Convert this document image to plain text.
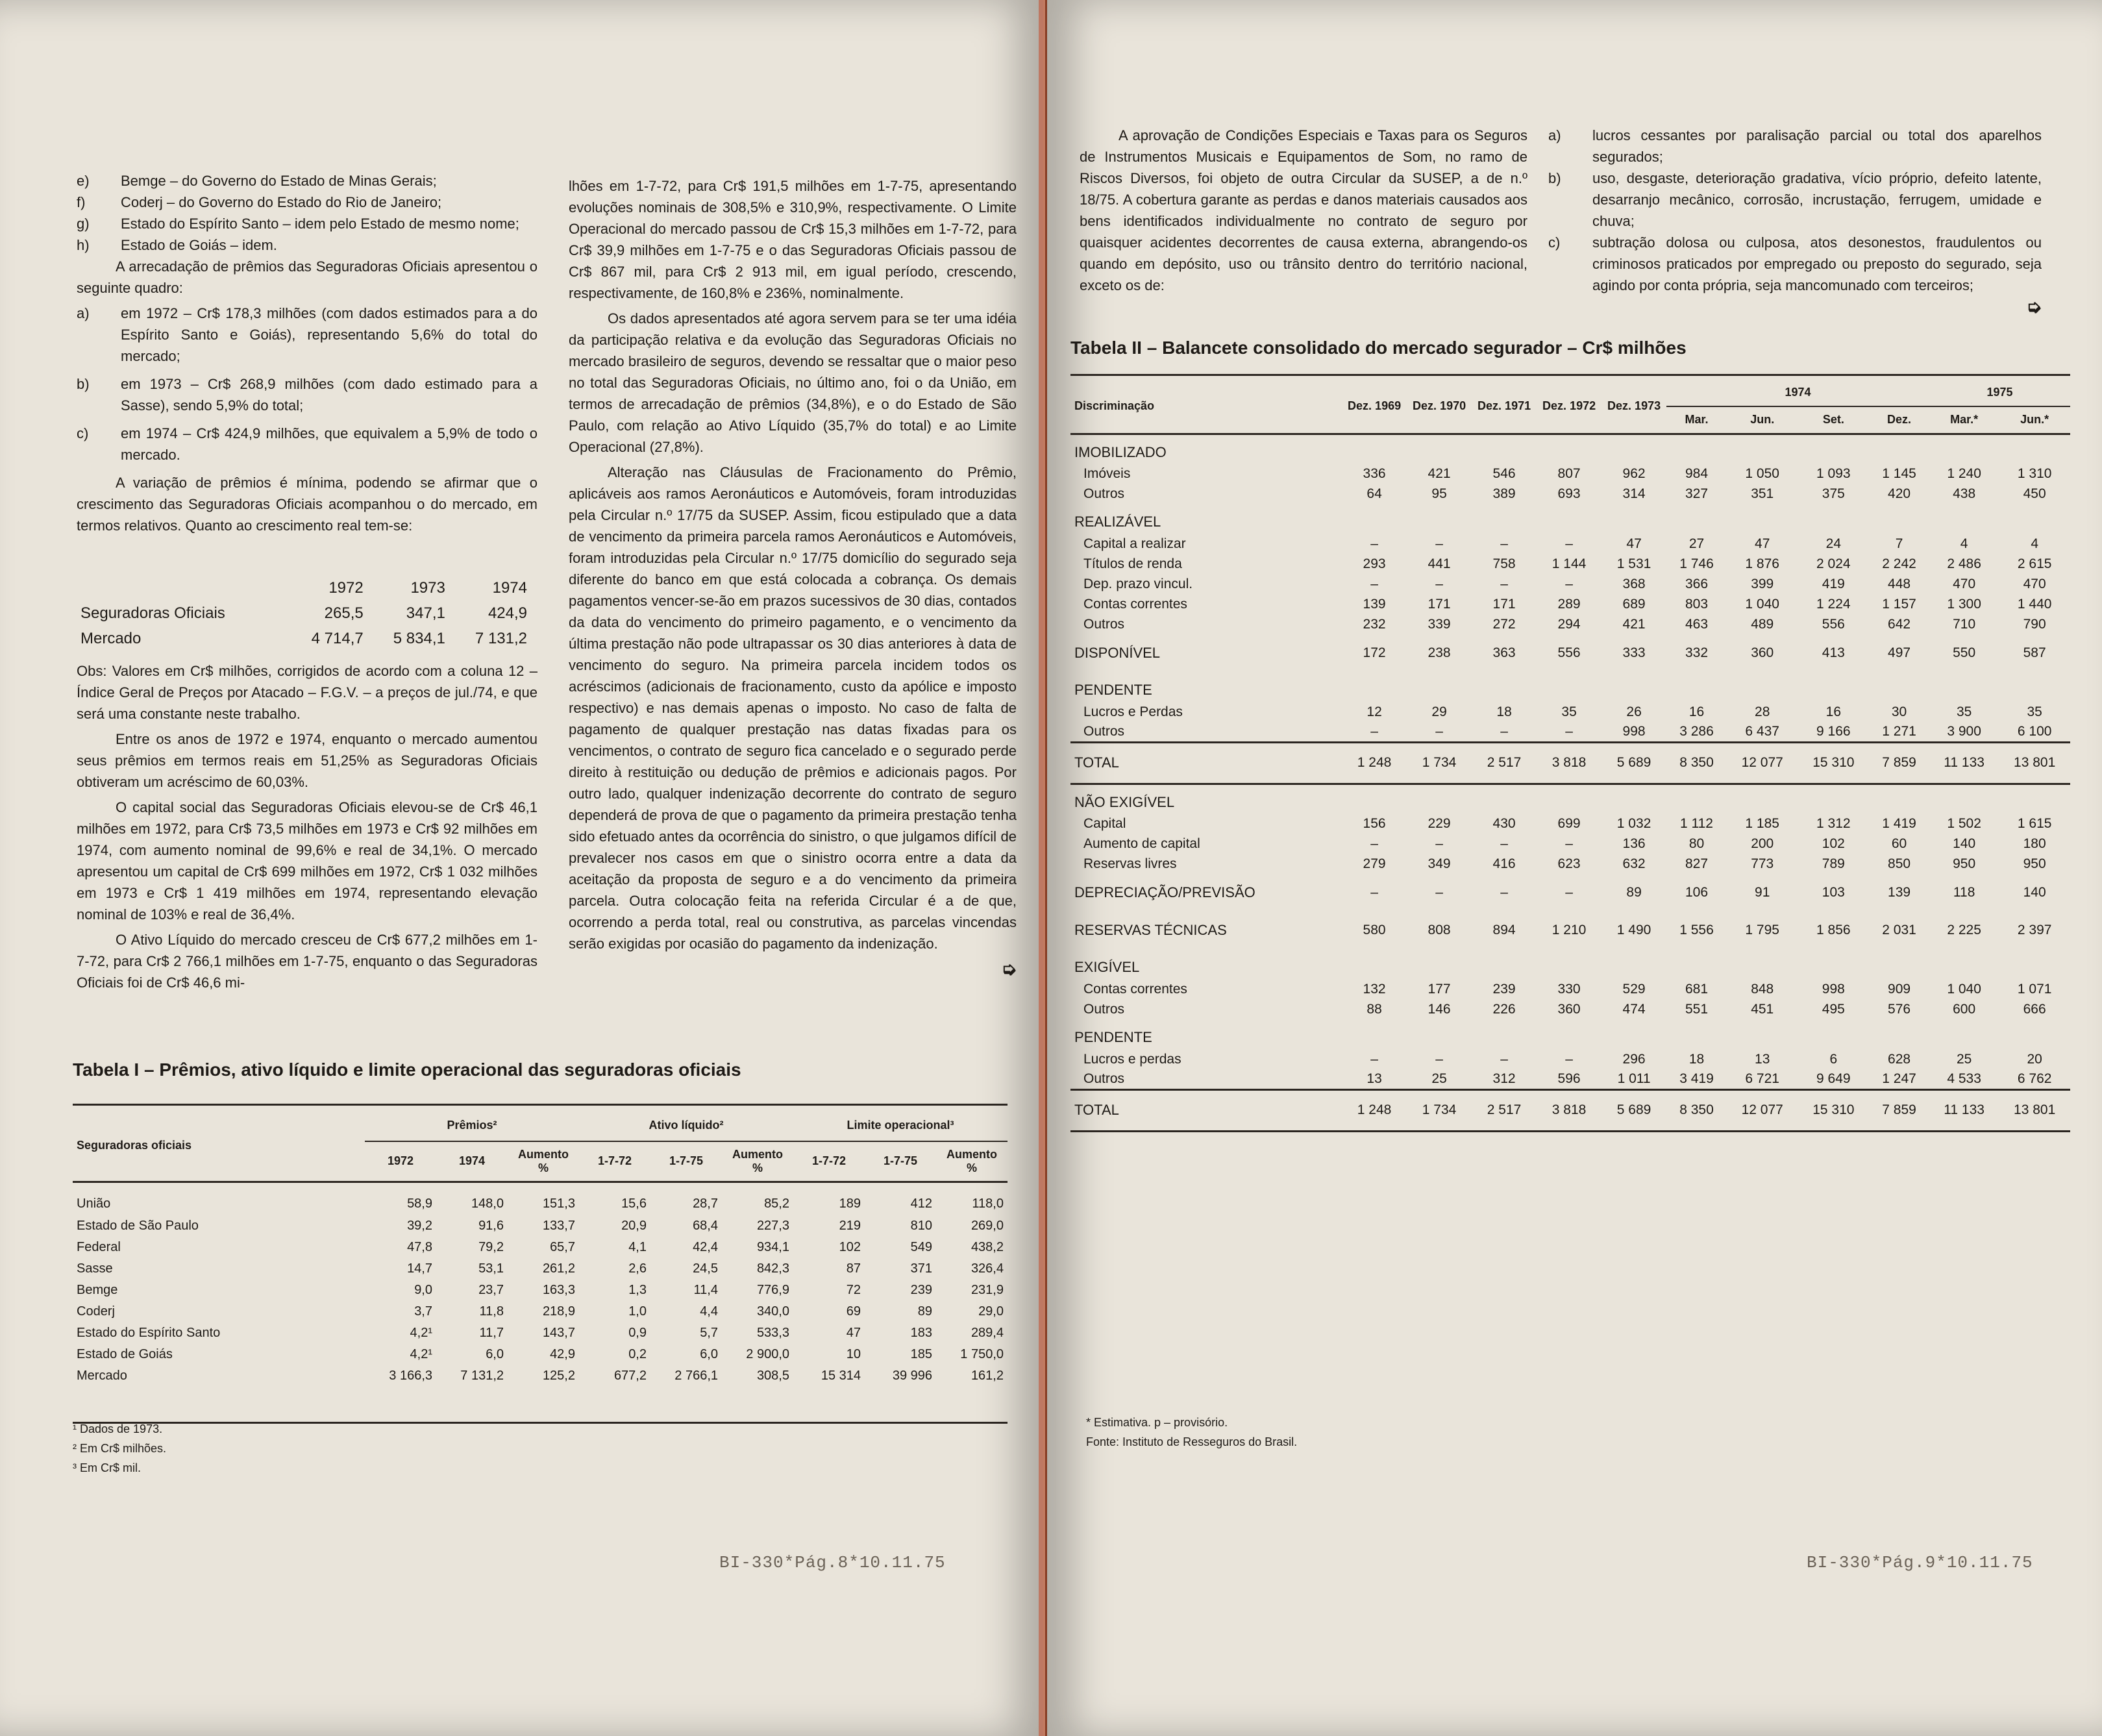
e)	Bemge – do Governo do Estado de Minas Gerais;
f)	Coderj – do Governo do Estado do Rio de Janeiro;
g)	Estado do Espírito Santo – idem pelo Estado de mesmo nome;
h)	Estado de Goiás – idem.

A arrecadação de prêmios das Seguradoras Oficiais apresentou o seguinte quadro:

a)	em 1972 – Cr$ 178,3 milhões (com dados estimados para a do Espírito Santo e Goiás), representando 5,6% do total do mercado;
b)	em 1973 – Cr$ 268,9 milhões (com dado estimado para a Sasse), sendo 5,9% do total;
c)	em 1974 – Cr$ 424,9 milhões, que equivalem a 5,9% de todo o mercado.

A variação de prêmios é mínima, podendo se afirmar que o crescimento das Seguradoras Oficiais acompanhou o do mercado, em termos relativos. Quanto ao crescimento real tem-se:

	1972	1973	1974
Seguradoras Oficiais	265,5	347,1	424,9
Mercado	4 714,7	5 834,1	7 131,2

Obs: Valores em Cr$ milhões, corrigidos de acordo com a coluna 12 – Índice Geral de Preços por Atacado – F.G.V. – a preços de jul./74, e que será uma constante neste trabalho.

Entre os anos de 1972 e 1974, enquanto o mercado aumentou seus prêmios em termos reais em 51,25% as Seguradoras Oficiais obtiveram um acréscimo de 60,03%.

O capital social das Seguradoras Oficiais elevou-se de Cr$ 46,1 milhões em 1972, para Cr$ 73,5 milhões em 1973 e Cr$ 92 milhões em 1974, com aumento nominal de 99,6% e real de 34,1%. O mercado apresentou um capital de Cr$ 699 milhões em 1972, Cr$ 1 032 milhões em 1973 e Cr$ 1 419 milhões em 1974, representando elevação nominal de 103% e real de 36,4%.

O Ativo Líquido do mercado cresceu de Cr$ 677,2 milhões em 1-7-72, para Cr$ 2 766,1 milhões em 1-7-75, enquanto o das Seguradoras Oficiais foi de Cr$ 46,6 mi-

lhões em 1-7-72, para Cr$ 191,5 milhões em 1-7-75, apresentando evoluções nominais de 308,5% e 310,9%, respectivamente. O Limite Operacional do mercado passou de Cr$ 15,3 milhões em 1-7-72, para Cr$ 39,9 milhões em 1-7-75 e o das Seguradoras Oficiais passou de Cr$ 867 mil, para Cr$ 2 913 mil, em igual período, crescendo, respectivamente, de 160,8% e 236%, nominalmente.

Os dados apresentados até agora servem para se ter uma idéia da participação relativa e da evolução das Seguradoras Oficiais no mercado brasileiro de seguros, devendo se ressaltar que o maior peso no total das Seguradoras Oficiais, no último ano, foi o da União, em termos de arrecadação de prêmios (34,8%), e o do Estado de São Paulo, com relação ao Ativo Líquido (35,7% do total) e ao Limite Operacional (27,8%).

Alteração nas Cláusulas de Fracionamento do Prêmio, aplicáveis aos ramos Aeronáuticos e Automóveis, foram introduzidas pela Circular n.º 17/75 da SUSEP. Assim, ficou estipulado que a data de vencimento da primeira parcela ramos Aeronáuticos e Automóveis, foram introduzidas pela Circular n.º 17/75 domicílio do segurado seja diferente do banco em que está colocada a cobrança. Os demais pagamentos vencer-se-ão em prazos sucessivos de 30 dias, contados da data do vencimento do primeiro pagamento, e o vencimento da última prestação não pode ultrapassar os 30 dias anteriores à data de vencimento do seguro. Na primeira parcela incidem todos os acréscimos (adicionais de fracionamento, custo da apólice e imposto respectivo) e nas demais apenas o imposto. No caso de falta de pagamento de qualquer prestação nas datas fixadas para os vencimentos, o contrato de seguro fica cancelado e o segurado perde direito à restituição ou dedução de prêmios e adicionais pagos. Por outro lado, qualquer indenização decorrente do contrato de seguro dependerá de prova de que o pagamento da primeira prestação tenha sido efetuado antes da ocorrência do sinistro, o que julgamos difícil de prevalecer nos casos em que o sinistro ocorra entre a data da aceitação da proposta de seguro e a do vencimento da primeira parcela. Outra colocação feita na referida Circular é a de que, ocorrendo a perda total, real ou construtiva, as parcelas vincendas serão exigidas por ocasião do pagamento da indenização.

➭
Tabela I – Prêmios, ativo líquido e limite operacional das seguradoras oficiais
Seguradoras oficiais	Prêmios²			Ativo líquido²			Limite operacional³		
	1972	1974	Aumento %	1-7-72	1-7-75	Aumento %	1-7-72	1-7-75	Aumento %
União	58,9	148,0	151,3	15,6	28,7	85,2	189	412	118,0
Estado de São Paulo	39,2	91,6	133,7	20,9	68,4	227,3	219	810	269,0
Federal	47,8	79,2	65,7	4,1	42,4	934,1	102	549	438,2
Sasse	14,7	53,1	261,2	2,6	24,5	842,3	87	371	326,4
Bemge	9,0	23,7	163,3	1,3	11,4	776,9	72	239	231,9
Coderj	3,7	11,8	218,9	1,0	4,4	340,0	69	89	29,0
Estado do Espírito Santo	4,2¹	11,7	143,7	0,9	5,7	533,3	47	183	289,4
Estado de Goiás	4,2¹	6,0	42,9	0,2	6,0	2 900,0	10	185	1 750,0
Mercado	3 166,3	7 131,2	125,2	677,2	2 766,1	308,5	15 314	39 996	161,2
¹ Dados de 1973.
² Em Cr$ milhões.
³ Em Cr$ mil.
BI-330*Pág.8*10.11.75

A aprovação de Condições Especiais e Taxas para os Seguros de Instrumentos Musicais e Equipamentos de Som, no ramo de Riscos Diversos, foi objeto de outra Circular da SUSEP, a de n.º 18/75. A cobertura garante as perdas e danos materiais causados aos bens identificados individualmente no contrato de seguro por quaisquer acidentes decorrentes de causa externa, abrangendo-os quando em depósito, uso ou trânsito dentro do território nacional, exceto os de:

a)	lucros cessantes por paralisação parcial ou total dos aparelhos segurados;
b)	uso, desgaste, deterioração gradativa, vício próprio, defeito latente, desarranjo mecânico, corrosão, incrustação, ferrugem, umidade e chuva;
c)	subtração dolosa ou culposa, atos desonestos, fraudulentos ou criminosos praticados por empregado ou preposto do segurado, seja agindo por conta própria, seja mancomunado com terceiros;
➭
Tabela II – Balancete consolidado do mercado segurador – Cr$ milhões
Discriminação	Dez. 1969	Dez. 1970	Dez. 1971	Dez. 1972	Dez. 1973	1974				1975	
						Mar.	Jun.	Set.	Dez.	Mar.*	Jun.*
IMOBILIZADO											
Imóveis	336	421	546	807	962	984	1 050	1 093	1 145	1 240	1 310
Outros	64	95	389	693	314	327	351	375	420	438	450
REALIZÁVEL											
Capital a realizar	–	–	–	–	47	27	47	24	7	4	4
Títulos de renda	293	441	758	1 144	1 531	1 746	1 876	2 024	2 242	2 486	2 615
Dep. prazo vincul.	–	–	–	–	368	366	399	419	448	470	470
Contas correntes	139	171	171	289	689	803	1 040	1 224	1 157	1 300	1 440
Outros	232	339	272	294	421	463	489	556	642	710	790
DISPONÍVEL	172	238	363	556	333	332	360	413	497	550	587
PENDENTE											
Lucros e Perdas	12	29	18	35	26	16	28	16	30	35	35
Outros	–	–	–	–	998	3 286	6 437	9 166	1 271	3 900	6 100
TOTAL	1 248	1 734	2 517	3 818	5 689	8 350	12 077	15 310	7 859	11 133	13 801
NÃO EXIGÍVEL											
Capital	156	229	430	699	1 032	1 112	1 185	1 312	1 419	1 502	1 615
Aumento de capital	–	–	–	–	136	80	200	102	60	140	180
Reservas livres	279	349	416	623	632	827	773	789	850	950	950
DEPRECIAÇÃO/PREVISÃO	–	–	–	–	89	106	91	103	139	118	140
RESERVAS TÉCNICAS	580	808	894	1 210	1 490	1 556	1 795	1 856	2 031	2 225	2 397
EXIGÍVEL											
Contas correntes	132	177	239	330	529	681	848	998	909	1 040	1 071
Outros	88	146	226	360	474	551	451	495	576	600	666
PENDENTE											
Lucros e perdas	–	–	–	–	296	18	13	6	628	25	20
Outros	13	25	312	596	1 011	3 419	6 721	9 649	1 247	4 533	6 762
TOTAL	1 248	1 734	2 517	3 818	5 689	8 350	12 077	15 310	7 859	11 133	13 801
* Estimativa. p – provisório.
Fonte: Instituto de Resseguros do Brasil.
BI-330*Pág.9*10.11.75
